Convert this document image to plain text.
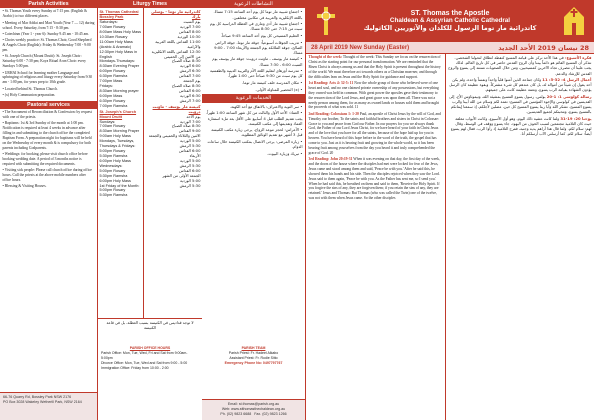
Parish Activities

• St. Thomas Youth every Sunday at 7:15 pm. (English & Arabic) to two different places.

• Meeting of Mar Addai and Mari Youth (Year 7 — 12) during school. Every Saturday, from 7:15 - 8:30 pm.

• Catechism (Year 1 - year 6): Sunday 9.45 am - 10:45 am.

• Choirs weekly practice: St. Thomas Choir, Good Shepherd & Angels Choir (English): Friday & Wednesday 7:00 - 9:00 pm.

• St. Joseph Church (Mount Druitt): St. Joseph Choir: Saturday 6:00 - 7:30 pm; Koya Ritual Aron Choir: every Sundays 5:00 pm.

• URHAI School for learning mother Language and upbringing of religious and liturgy every Saturday from 9:30 am - 1:00 pm, for years prep to 10th grade.

• Located behind St. Thomas Church.

• (x) Holy Communion preparation.

Pastoral services

• The Sacrament of Reconciliation & Confession: by request with one of the priests.

• Baptisms: 1st & 3rd Sunday of the month at 1:00 pm. Notification is required at least 4 weeks in advance after filling in and submitting to the church office the completed Baptism Form. A preparation night for baptisms will be held on the Wednesday of every month & is compulsory for both parents including Godparents.

• Weddings: for booking, please visit church office before booking wedding date. A period of 3 months notice is required with submitting the required documents.

• Visiting sick people: Please call church office during office hours. Call the priests at the above mobile numbers after office hours.

• Blessing & Visiting Houses.

66-76 Quarry Rd, Bossley Park NSW 2176
PO Box 3028 Wakeley Wetherill Park, NSW 2164
Liturgy Times
St. Thomas Cathedral Bossley Park
Saturdays:
7:00am Rosary
8:00am Mass Holy Mass
10:30am Rosary
11:00am Holy Mass (Arabic & Aramaic)
12:30pm Holy Mass in English
Mondays-Thursdays:
8:30am Evening Prayer
6:00pm Rosary
6:30pm Ramsha
7:00pm Mass
Fridays:
8:30am Morning prayer
6:00pm Mass
6:30pm Rosary
7:00pm Ramsha
St. Joseph's Church Mount Druitt
Sundays:
7:00am Rosary
8:30am Morning Prayer
9:00am Holy Mass
Mondays, Tuesdays, Thursdays & Fridays:
5:00pm Rosary
5:30pm Ramsha
6:00pm Holy Mass
Wednesdays:
5:00pm Rosary
5:30pm Ramsha
6:00pm Holy Mass
1st Friday of the Month:
5:00pm Rosary
5:30pm Ramsha
كاتدرائية مار توما - بوسلي بارك
يوم السبت
7:00 الوردية
8:00 القداس
10:30 الوردية
11:00 القداس باللغة العربية والآرامية
12:30 القداس باللغة الانكليزية
من الاثنين إلى الخميس
8:30 صلاة الصباح
6:00 الوردية
6:30 الرمش
7:00 القداس
يوم الجمعة
8:30 صلاة الصباح
6:00 القداس
6:30 الوردية
7:00 الرمش
كنيسة مار يوسف - ماونت درويت
يوم الأحد
7:00 الوردية
8:30 صلاة الصباح
9:00 القداس
الاثنين والثلاثاء والخميس والجمعة
5:00 الوردية
5:30 الرمش
6:00 القداس
الأربعاء
5:00 الوردية
5:30 الرمش
6:00 القداس
الجمعة الأولى من الشهر
5:00 الوردية
5:30 الرمش
لا توجد قداديس في الكنيسة بسبب العطلة، بل في قاعة الكنيسة
PARISH OFFICE HOURS
Parish Office: Mon, Tue, Wed, Fri and Sat from 9:00am-5:00pm
Divorce Office: Mon, Tue, Wed and Sat from 9:00 - 5:00
Immigration Office: Friday from 10:00 - 2:00
النشاطات الرعوية

• اجتماع شبيبة مار توما كل يوم أحد الساعة 7:15 مساءً. باللغة الإنكليزية والعربية في مكانين مختلفين.

• اجتماع شبيبة مار أدي وماري في العطلة الدراسية كل يوم سبت من 7:15 حتى 8:30 مساءً.

• التعليم المسيحي كل يوم أحد الساعة 9:45 صباحاً.

• تدريب الجوقات أسبوعياً: جوقة مار توما، جوقة الراعي الصالح، جوقة الملائكة يوم الجمعة والأربعاء 7:00 - 9:00 مساءً.

• كنيسة مار يوسف - ماونت درويت: جوقة مار يوسف يوم السبت 6:00 - 7:30 مساءً.

• مدرسة أورهاي لتعليم اللغة الأم والتربية الدينية والطقسية كل يوم سبت من 9:30 صباحاً حتى 1:00 ظهراً.

• مكان المدرسة خلف كنيسة مار توما.

• (x) التحضير للمناولة الأولى.

الخدمات الرعوية

• سر التوبة والاعتراف: بالاتفاق مع أحد الكهنة.

• العماذ: الأحد الأول والثالث من كل شهر الساعة 1:00 ظهراً. يجب تقديم الطلب قبل 4 أسابيع على الأقل بعد ملء استمارة العماذ وتقديمها إلى مكتب الكنيسة.

• الأعراس: لحجز موعد الزواج، يرجى زيارة مكتب الكنيسة قبل 3 أشهر مع تقديم الوثائق المطلوبة.

• زيارة المرضى: يرجى الاتصال بمكتب الكنيسة خلال ساعات الدوام.

• تبريك وزيارة البيوت.

PARISH TEAM
Parish Priest: Fr. Hadeel Alkabo
Assistant Priest: Fr. Rodie Sitto
Emergency Phone No: 0497797767
Email: st.thomas@parish.org.au
Web: www.stthomasthechaldean.org.au
Ph. (02) 9823 6688 Fax. (02) 9823 1266
ST. Thomas the Apostle
Chaldean & Assyrian Catholic Cathedral
كاتدرائية مار توما الرسول للكلدان والآثوريين الكاثوليك
28 April 2019 New Sunday (Easter)	28 نيسان 2019 الأحد الجديد

Thought of the week: Thought of the week: This Sunday we focus on the resurrection of Christ as the starting point for our personal transformation. We are reminded that the Risen Christ is always among us and that the Holy Spirit is present throughout the history of the world. We must therefore act towards others as a Christian man-ner, and through the difficulties lean on Jesus and the Holy Spirit for guidance and support.

1st Reading: Acts 4: 32-5: 11 Now the whole group of those who believed were of one heart and soul, and no one claimed private ownership of any possessions, but everything they owned was held in common. With great power the apostles gave their testimony to the resurrection of the Lord Jesus, and great grace was upon them all. There was not a needy person among them, for as many as owned lands or houses sold them and brought the proceeds of what was sold. 11

2nd Reading: Colossians 1: 1-20 Paul, an apostle of Christ Jesus by the will of God, and Timothy our brother, To the saints and faithful brothers and sisters in Christ in Colossae: Grace to you and peace from God our Father. In our prayers for you we always thank God, the Father of our Lord Jesus Christ, for we have heard of your faith in Christ Jesus and of the love that you have for all the saints, because of the hope laid up for you in heaven. You have heard of this hope before in the word of the truth, the gospel that has come to you. Just as it is bearing fruit and growing in the whole world, so it has been bearing fruit among yourselves from the day you heard it and truly comprehended the grace of God. 20

3rd Reading: John 20:19-31 When it was evening on that day, the first day of the week, and the doors of the house where the disciples had met were locked for fear of the Jews, Jesus came and stood among them and said, 'Peace be with you.' After he said this, he showed them his hands and his side. Then the disciples rejoiced when they saw the Lord. Jesus said to them again, 'Peace be with you. As the Father has sent me, so I send you.' When he had said this, he breathed on them and said to them, 'Receive the Holy Spirit. If you forgive the sins of any, they are forgiven them; if you retain the sins of any, they are retained.' Jesus and Thomas: But Thomas (who was called the Twin) one of the twelve, was not with them when Jesus came. So the other disciples

فكرة الأسبوع: في هذا الأحد نركز على قيامة المسيح كنقطة انطلاق لتحولنا الشخصي. نتذكر أن المسيح القائم هو دائماً بيننا وأن الروح القدس حاضر في كل تاريخ العالم. لذلك يجب علينا أن نتصرف تجاه الآخرين كمسيحيين، ومن خلال الصعوبات نستند إلى يسوع والروح القدس للإرشاد والدعم.

أعمال الرسل 4: 32-5: 11 وكان جماعة الذين آمنوا قلباً واحداً ونفساً واحدة، ولم يكن أحد يقول إن شيئاً من أمواله له، بل كان عندهم كل شيء مشتركاً. وبقوة عظيمة كان الرسل يؤدون الشهادة بقيامة الرب يسوع، ونعمة عظيمة كانت على جميعهم.

رسالة كولوسي 1: 1-20 بولس، رسول يسوع المسيح بمشيئة الله، وتيموثاوس الأخ، إلى القديسين في كولوسي والإخوة المؤمنين في المسيح: نعمة لكم وسلام من الله أبينا والرب يسوع المسيح. نشكر الله وأبا ربنا يسوع المسيح كل حين، مصلين لأجلكم، إذ سمعنا إيمانكم بالمسيح يسوع، ومحبتكم لجميع القديسين.

يوحنا 20: 19-31 ولما كانت عشية ذلك اليوم، وهو أول الأسبوع، وكانت الأبواب مغلقة حيث كان التلاميذ مجتمعين لسبب الخوف من اليهود، جاء يسوع ووقف في الوسط، وقال لهم: سلام لكم. ولما قال هذا أراهم يديه وجنبه، ففرح التلاميذ إذ رأوا الرب. فقال لهم يسوع أيضاً: سلام لكم. كما أرسلني الآب أرسلكم أنا.
